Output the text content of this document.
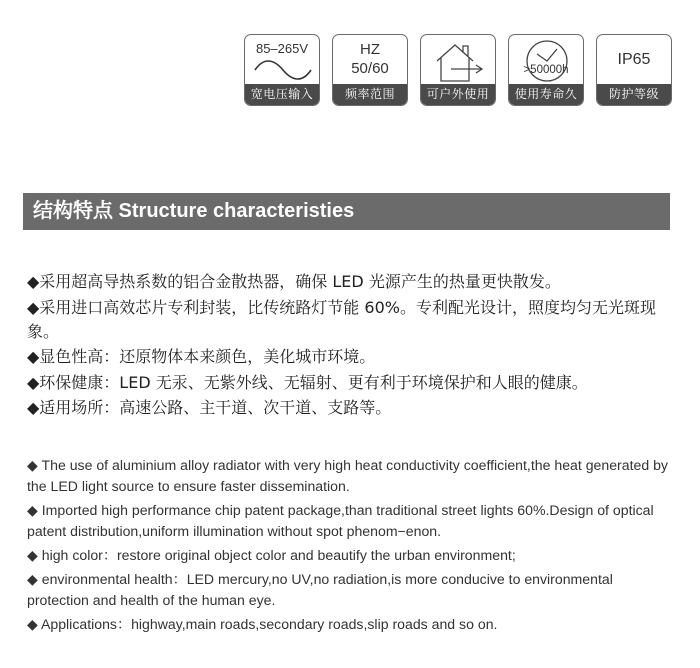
85–265V
宽电压输入
HZ
50/60
频率范围	可户外使用
>50000h
使用寿命久
IP65
防护等级
结构特点 Structure characteristies
◆采用超高导热系数的铝合金散热器，确保 LED 光源产生的热量更快散发。
◆采用进口高效芯片专利封装，比传统路灯节能 60%。专利配光设计，照度均匀无光斑现象。
◆显色性高：还原物体本来颜色，美化城市环境。
◆环保健康：LED 无汞、无紫外线、无辐射、更有利于环境保护和人眼的健康。
◆适用场所：高速公路、主干道、次干道、支路等。
◆ The use of aluminium alloy radiator with very high heat conductivity coefficient,the heat generated by the LED light source to ensure faster dissemination.
◆ Imported high performance chip patent package,than traditional street lights 60%.Design of optical patent distribution,uniform illumination without spot phenom−enon.
◆ high color：restore original object color and beautify the urban environment;
◆ environmental health：LED mercury,no UV,no radiation,is more conducive to environmental protection and health of the human eye.
◆ Applications：highway,main roads,secondary roads,slip roads and so on.
